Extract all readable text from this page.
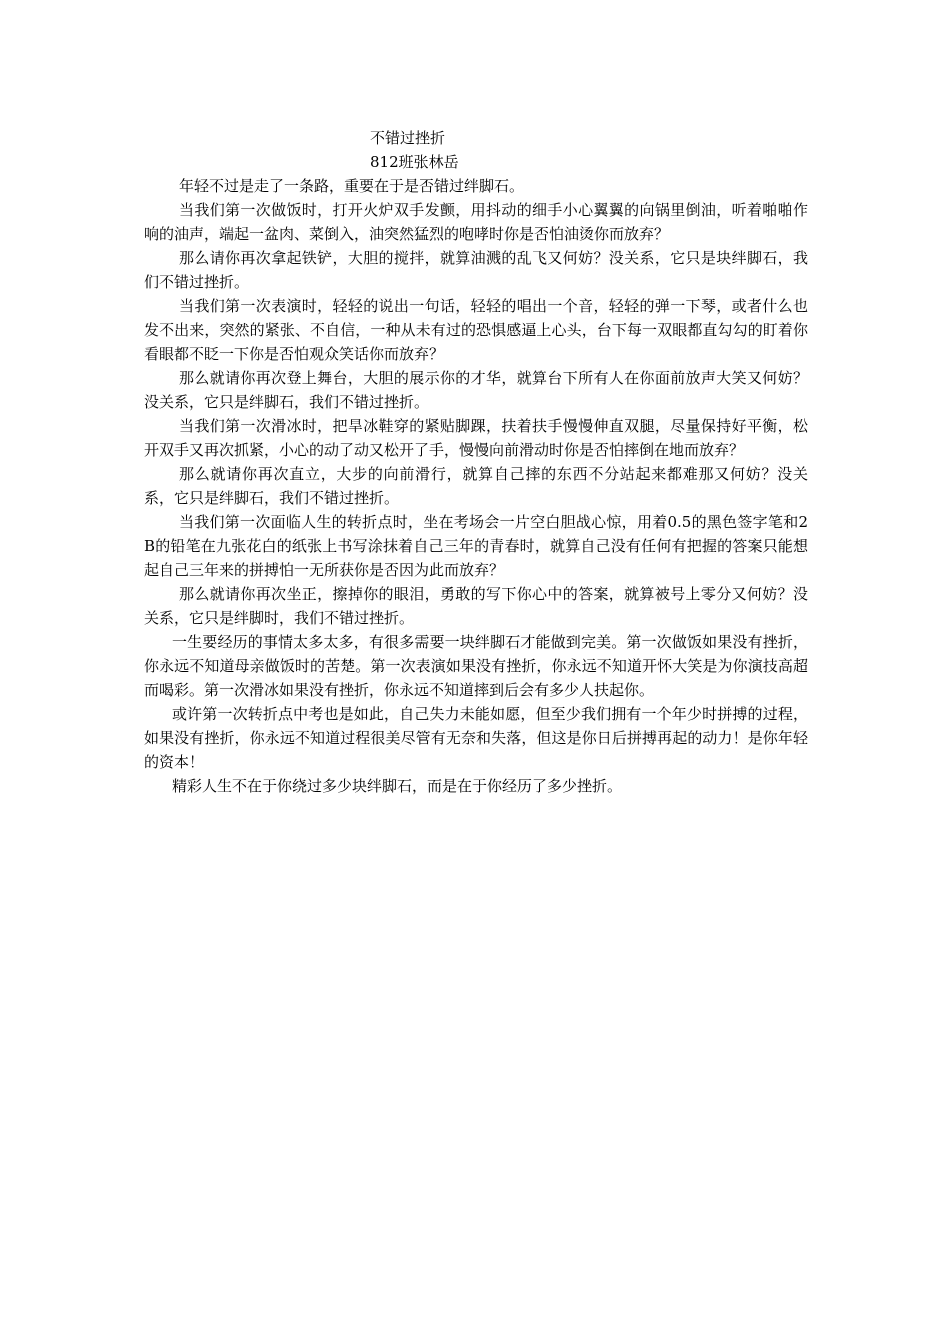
不错过挫折

812班张林岳

年轻不过是走了一条路，重要在于是否错过绊脚石。

当我们第一次做饭时，打开火炉双手发颤，用抖动的细手小心翼翼的向锅里倒油，听着啪啪作响的油声，端起一盆肉、菜倒入，油突然猛烈的咆哮时你是否怕油烫你而放弃？

那么请你再次拿起铁铲，大胆的搅拌，就算油溅的乱飞又何妨？没关系，它只是块绊脚石，我们不错过挫折。

当我们第一次表演时，轻轻的说出一句话，轻轻的唱出一个音，轻轻的弹一下琴，或者什么也发不出来，突然的紧张、不自信，一种从未有过的恐惧感逼上心头，台下每一双眼都直勾勾的盯着你看眼都不眨一下你是否怕观众笑话你而放弃？

那么就请你再次登上舞台，大胆的展示你的才华，就算台下所有人在你面前放声大笑又何妨？没关系，它只是绊脚石，我们不错过挫折。

当我们第一次滑冰时，把旱冰鞋穿的紧贴脚踝，扶着扶手慢慢伸直双腿，尽量保持好平衡，松开双手又再次抓紧，小心的动了动又松开了手，慢慢向前滑动时你是否怕摔倒在地而放弃？

那么就请你再次直立，大步的向前滑行，就算自己摔的东西不分站起来都难那又何妨？没关系，它只是绊脚石，我们不错过挫折。

当我们第一次面临人生的转折点时，坐在考场会一片空白胆战心惊，用着0.5的黑色签字笔和2B的铅笔在九张花白的纸张上书写涂抹着自己三年的青春时，就算自己没有任何有把握的答案只能想起自己三年来的拼搏怕一无所获你是否因为此而放弃？

那么就请你再次坐正，擦掉你的眼泪，勇敢的写下你心中的答案，就算被号上零分又何妨？没关系，它只是绊脚时，我们不错过挫折。

一生要经历的事情太多太多，有很多需要一块绊脚石才能做到完美。第一次做饭如果没有挫折，你永远不知道母亲做饭时的苦楚。第一次表演如果没有挫折，你永远不知道开怀大笑是为你演技高超而喝彩。第一次滑冰如果没有挫折，你永远不知道摔到后会有多少人扶起你。

或许第一次转折点中考也是如此，自己失力未能如愿，但至少我们拥有一个年少时拼搏的过程，如果没有挫折，你永远不知道过程很美尽管有无奈和失落，但这是你日后拼搏再起的动力！是你年轻的资本！

精彩人生不在于你绕过多少块绊脚石，而是在于你经历了多少挫折。
